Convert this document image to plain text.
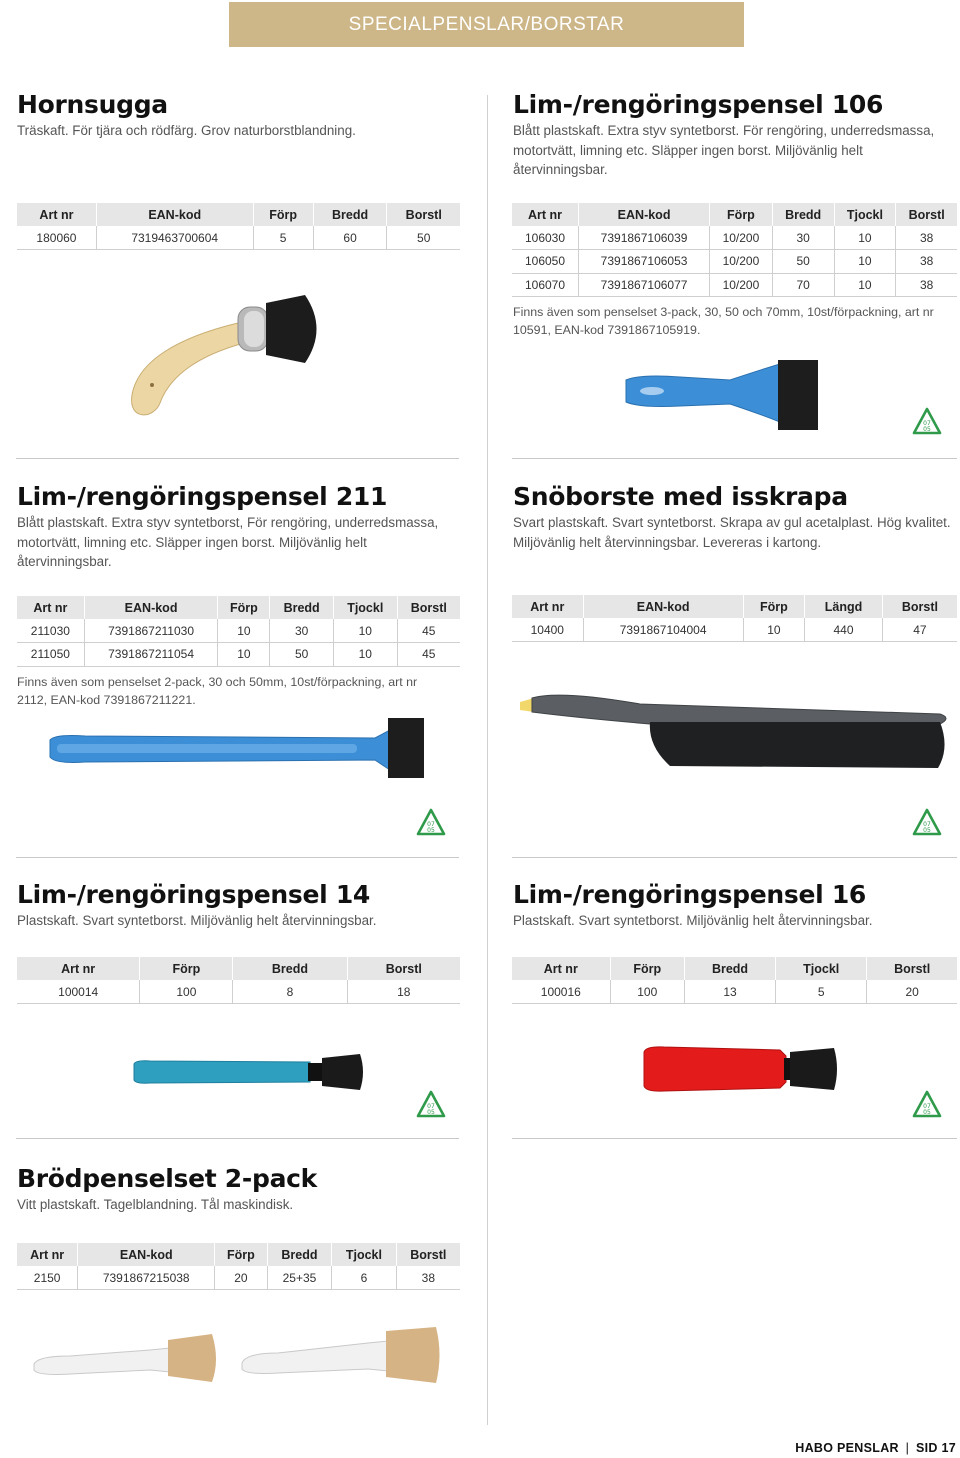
SPECIALPENSLAR/BORSTAR
Hornsugga
Träskaft. För tjära och rödfärg. Grov naturborstblandning.
Art nr	EAN-kod	Förp	Bredd	Borstl
180060	7319463700604	5	60	50
Lim-/rengöringspensel 106
Blått plastskaft. Extra styv syntetborst. För rengöring, underredsmassa, motortvätt, limning etc. Släpper ingen borst. Miljövänlig helt återvinningsbar.
Art nr	EAN-kod	Förp	Bredd	Tjockl	Borstl
106030	7391867106039	10/200	30	10	38
106050	7391867106053	10/200	50	10	38
106070	7391867106077	10/200	70	10	38
Finns även som penselset 3-pack, 30, 50 och 70mm, 10st/förpackning, art nr 10591, EAN-kod 7391867105919.
07
05
Lim-/rengöringspensel 211
Blått plastskaft. Extra styv syntetborst, För rengöring, underredsmassa, motortvätt, limning etc. Släpper ingen borst. Miljövänlig helt återvinningsbar.
Art nr	EAN-kod	Förp	Bredd	Tjockl	Borstl
211030	7391867211030	10	30	10	45
211050	7391867211054	10	50	10	45
Finns även som penselset 2-pack, 30 och 50mm, 10st/förpackning, art nr 2112, EAN-kod 7391867211221.
Snöborste med isskrapa
Svart plastskaft. Svart syntetborst. Skrapa av gul acetalplast. Hög kvalitet. Miljövänlig helt återvinningsbar. Levereras i kartong.
Art nr	EAN-kod	Förp	Längd	Borstl
10400	7391867104004	10	440	47
07
05
07
05
Lim-/rengöringspensel 14
Plastskaft. Svart syntetborst. Miljövänlig helt återvinningsbar.
Art nr	Förp	Bredd	Borstl
100014	100	8	18
07
05
Lim-/rengöringspensel 16
Plastskaft. Svart syntetborst. Miljövänlig helt återvinningsbar.
Art nr	Förp	Bredd	Tjockl	Borstl
100016	100	13	5	20
07
05
Brödpenselset 2-pack
Vitt plastskaft. Tagelblandning. Tål maskindisk.
Art nr	EAN-kod	Förp	Bredd	Tjockl	Borstl
2150	7391867215038	20	25+35	6	38
HABO PENSLAR | SID 17
